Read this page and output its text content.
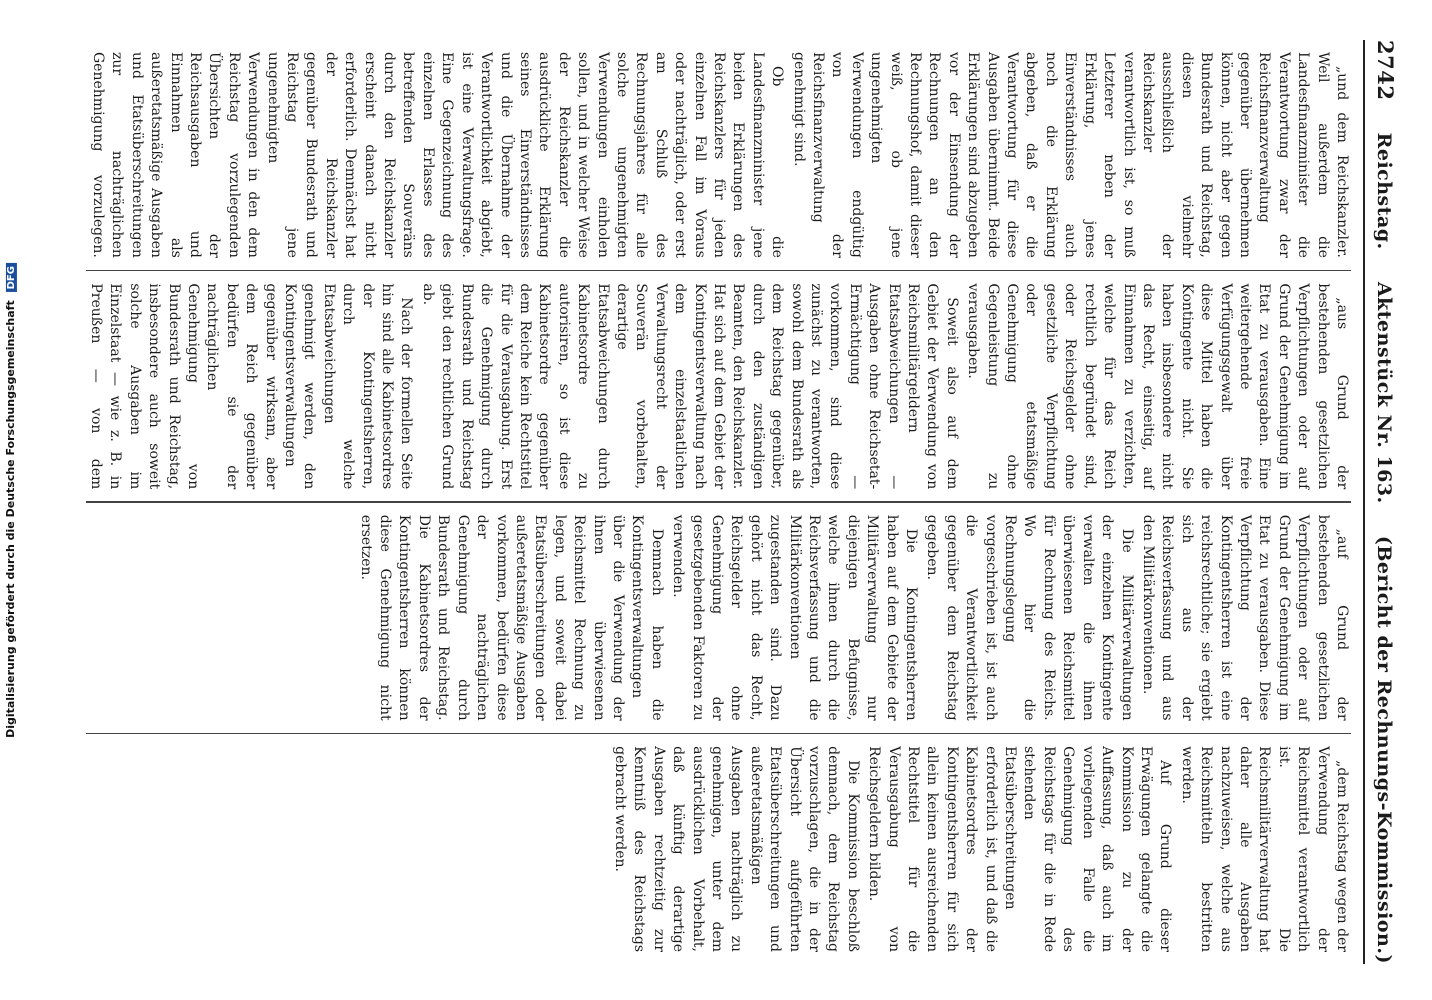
Digitalisierung gefördert durch die Deutsche Forschungsgemeinschaft DFG
2742
Reichstag.
Aktenstück Nr. 163.
(Bericht der Rechnungs-Kommission.)

„und dem Reichskanzler. Weil außerdem die Landesfinanzminister die Verantwortung zwar der Reichsfinanzverwaltung gegenüber übernehmen können, nicht aber gegen Bundesrath und Reichstag, diesen vielmehr ausschließlich der Reichskanzler verantwortlich ist, so muß Letzterer neben der Erklärung, jenes Einverständnisses auch noch die Erklärung abgeben, daß er die Verantwortung für diese Ausgaben übernimmt. Beide Erklärungen sind abzugeben vor der Einsendung der Rechnungen an den Rechnungshof, damit dieser weiß, ob jene ungenehmigten Verwendungen endgültig von der Reichsfinanzverwaltung genehmigt sind.

Ob die Landesfinanzminister jene beiden Erklärungen des Reichskanzlers für jeden einzelnen Fall im Voraus oder nachträglich, oder erst am Schluß des Rechnungsjahres für alle solche ungenehmigten Verwendungen einholen sollen, und in welcher Weise der Reichskanzler die ausdrückliche Erklärung seines Einverständnisses und die Übernahme der Verantwortlichkeit abgiebt, ist eine Verwaltungsfrage. Eine Gegenzeichnung des einzelnen Erlasses des betreffenden Souveräns durch den Reichskanzler erscheint danach nicht erforderlich. Demnächst hat der Reichskanzler gegenüber Bundesrath und Reichstag jene ungenehmigten Verwendungen in den dem Reichstag vorzulegenden Übersichten der Reichsausgaben und Einnahmen als außeretatsmäßige Ausgaben und Etatsüberschreitungen zur nachträglichen Genehmigung vorzulegen.

„aus Grund der bestehenden gesetzlichen Verpflichtungen oder auf Grund der Genehmigung im Etat zu verausgaben. Eine weitergehende freie Verfügungsgewalt über diese Mittel haben die Kontingente nicht. Sie haben insbesondere nicht das Recht, einseitig, auf Einnahmen zu verzichten, welche für das Reich rechtlich begründet sind, oder Reichsgelder ohne gesetzliche Verpflichtung oder etatsmäßige Genehmigung ohne Gegenleistung zu verausgaben.

Soweit also auf dem Gebiet der Verwendung von Reichsmilitärgeldern Etatsabweichungen — Ausgaben ohne Reichsetat-Ermächtigung — vorkommen, sind diese zunächst zu verantworten, sowohl dem Bundesrath als dem Reichstag gegenüber, durch den zuständigen Beamten, den Reichskanzler. Hat sich auf dem Gebiet der Kontingentsverwaltung nach dem einzelstaatlichen Verwaltungsrecht der Souverän vorbehalten, derartige Etatsabweichungen durch Kabinetsordre zu autorisiren, so ist diese Kabinetsordre gegenüber dem Reiche kein Rechtstitel für die Verausgabung. Erst die Genehmigung durch Bundesrath und Reichstag giebt den rechtlichen Grund ab.

Nach der formellen Seite hin sind alle Kabinetsordres der Kontingentsherren, durch welche Etatsabweichungen genehmigt werden, den Kontingentsverwaltungen gegenüber wirksam, aber dem Reich gegenüber bedürfen sie der nachträglichen Genehmigung von Bundesrath und Reichstag, insbesondere auch soweit solche Ausgaben im Einzelstaat — wie z. B. in Preußen — von dem

„auf Grund der bestehenden gesetzlichen Verpflichtungen oder auf Grund der Genehmigung im Etat zu verausgaben. Diese Verpflichtung der Kontingentsherren ist eine reichsrechtliche; sie ergiebt sich aus der Reichsverfassung und aus den Militärkonventionen.

Die Militärverwaltungen der einzelnen Kontingente verwalten die ihnen überwiesenen Reichsmittel für Rechnung des Reichs. Wo hier die Rechnungslegung vorgeschrieben ist, ist auch die Verantwortlichkeit gegenüber dem Reichstag gegeben.

Die Kontingentsherren haben auf dem Gebiete der Militärverwaltung nur diejenigen Befugnisse, welche ihnen durch die Reichsverfassung und die Militärkonventionen zugestanden sind. Dazu gehört nicht das Recht, Reichsgelder ohne Genehmigung der gesetzgebenden Faktoren zu verwenden.

Demnach haben die Kontingentsverwaltungen über die Verwendung der ihnen überwiesenen Reichsmittel Rechnung zu legen, und soweit dabei Etatsüberschreitungen oder außeretatsmäßige Ausgaben vorkommen, bedürfen diese der nachträglichen Genehmigung durch Bundesrath und Reichstag. Die Kabinetsordres der Kontingentsherren können diese Genehmigung nicht ersetzen.

„dem Reichstag wegen der Verwendung der Reichsmittel verantwortlich ist. Die Reichsmilitärverwaltung hat daher alle Ausgaben nachzuweisen, welche aus Reichsmitteln bestritten werden.

Auf Grund dieser Erwägungen gelangte die Kommission zu der Auffassung, daß auch im vorliegenden Falle die Genehmigung des Reichstags für die in Rede stehenden Etatsüberschreitungen erforderlich ist, und daß die Kabinetsordres der Kontingentsherren für sich allein keinen ausreichenden Rechtstitel für die Verausgabung von Reichsgeldern bilden.

Die Kommission beschloß demnach, dem Reichstag vorzuschlagen, die in der Übersicht aufgeführten Etatsüberschreitungen und außeretatsmäßigen Ausgaben nachträglich zu genehmigen, unter dem ausdrücklichen Vorbehalt, daß künftig derartige Ausgaben rechtzeitig zur Kenntniß des Reichstags gebracht werden.
